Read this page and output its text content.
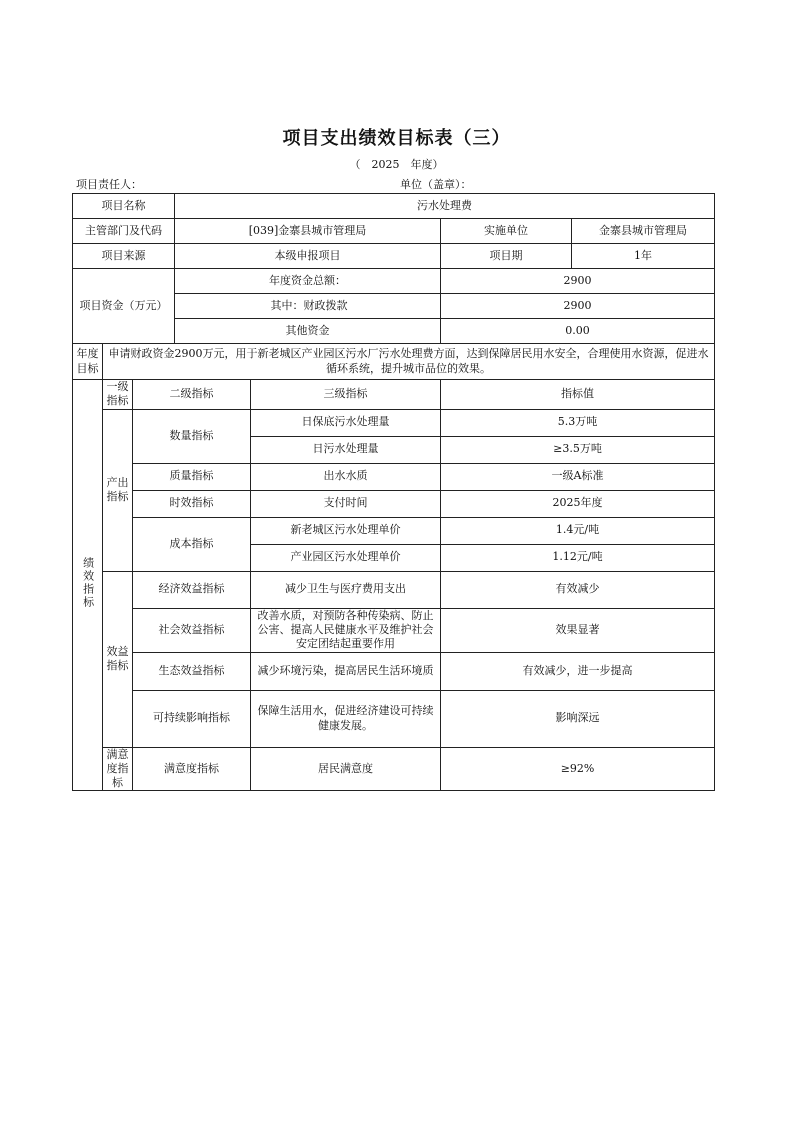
项目支出绩效目标表（三）
（　2025　年度）
项目责任人：	单位（盖章）：
项目名称			污水处理费			
主管部门及代码			[039]金寨县城市管理局		实施单位	金寨县城市管理局
项目来源			本级申报项目		项目期	1年
项目资金（万元）			年度资金总额：		2900	
			其中：财政拨款		2900	
			其他资金		0.00	
年度目标	申请财政资金2900万元，用于新老城区产业园区污水厂污水处理费方面，达到保障居民用水安全，合理使用水资源，促进水循环系统，提升城市品位的效果。					
绩效指标	一级指标	二级指标		三级指标	指标值	
	产出指标	数量指标		日保底污水处理量	5.3万吨	
				日污水处理量	≥3.5万吨	
		质量指标		出水水质	一级A标准	
		时效指标		支付时间	2025年度	
		成本指标		新老城区污水处理单价	1.4元/吨	
				产业园区污水处理单价	1.12元/吨	
	效益指标	经济效益指标		减少卫生与医疗费用支出	有效减少	
		社会效益指标		改善水质，对预防各种传染病、防止公害、提高人民健康水平及维护社会安定团结起重要作用	效果显著	
		生态效益指标		减少环境污染，提高居民生活环境质	有效减少，进一步提高	
		可持续影响指标		保障生活用水，促进经济建设可持续健康发展。	影响深远	
	满意度指标	满意度指标		居民满意度	≥92%	
